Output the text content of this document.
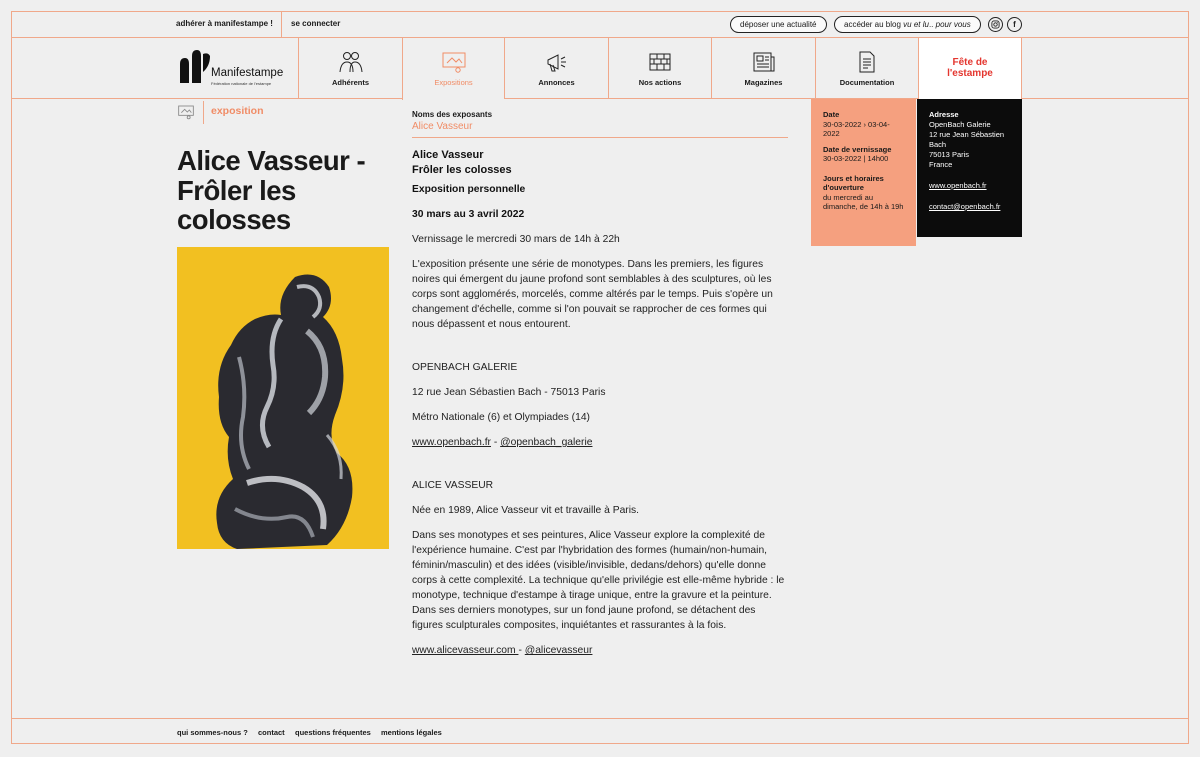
adhérer à manifestampe ! se connecter	déposer une actualité	accéder au blog vu et lu.. pour vous	f
Manifestampe
Fédération nationale de l'estampe	Adhérents	Expositions	Annonces	Nos actions	Magazines	Documentation
Fête de
l'estampe
exposition
Alice Vasseur - Frôler les colosses
Noms des exposants
Alice Vasseur
Alice Vasseur
Frôler les colosses
Exposition personnelle
30 mars au 3 avril 2022
Vernissage le mercredi 30 mars de 14h à 22h
L'exposition présente une série de monotypes. Dans les premiers, les figures noires qui émergent du jaune profond sont semblables à des sculptures, où les corps sont agglomérés, morcelés, comme altérés par le temps. Puis s'opère un changement d'échelle, comme si l'on pouvait se rapprocher de ces formes qui nous dépassent et nous entourent.
OPENBACH GALERIE
12 rue Jean Sébastien Bach - 75013 Paris
Métro Nationale (6) et Olympiades (14)
www.openbach.fr - @openbach_galerie
ALICE VASSEUR
Née en 1989, Alice Vasseur vit et travaille à Paris.
Dans ses monotypes et ses peintures, Alice Vasseur explore la complexité de l'expérience humaine. C'est par l'hybridation des formes (humain/non-humain, féminin/masculin) et des idées (visible/invisible, dedans/dehors) qu'elle donne corps à cette complexité. La technique qu'elle privilégie est elle-même hybride : le monotype, technique d'estampe à tirage unique, entre la gravure et la peinture. Dans ses derniers monotypes, sur un fond jaune profond, se détachent des figures sculpturales composites, inquiétantes et rassurantes à la fois.
www.alicevasseur.com - @alicevasseur
Date
30-03-2022 › 03-04-2022
Date de vernissage
30-03-2022 | 14h00
Jours et horaires d'ouverture
du mercredi au dimanche, de 14h à 19h
Adresse
OpenBach Galerie
12 rue Jean Sébastien Bach
75013 Paris
France
www.openbach.fr
contact@openbach.fr
qui sommes-nous ? contact questions fréquentes mentions légales
